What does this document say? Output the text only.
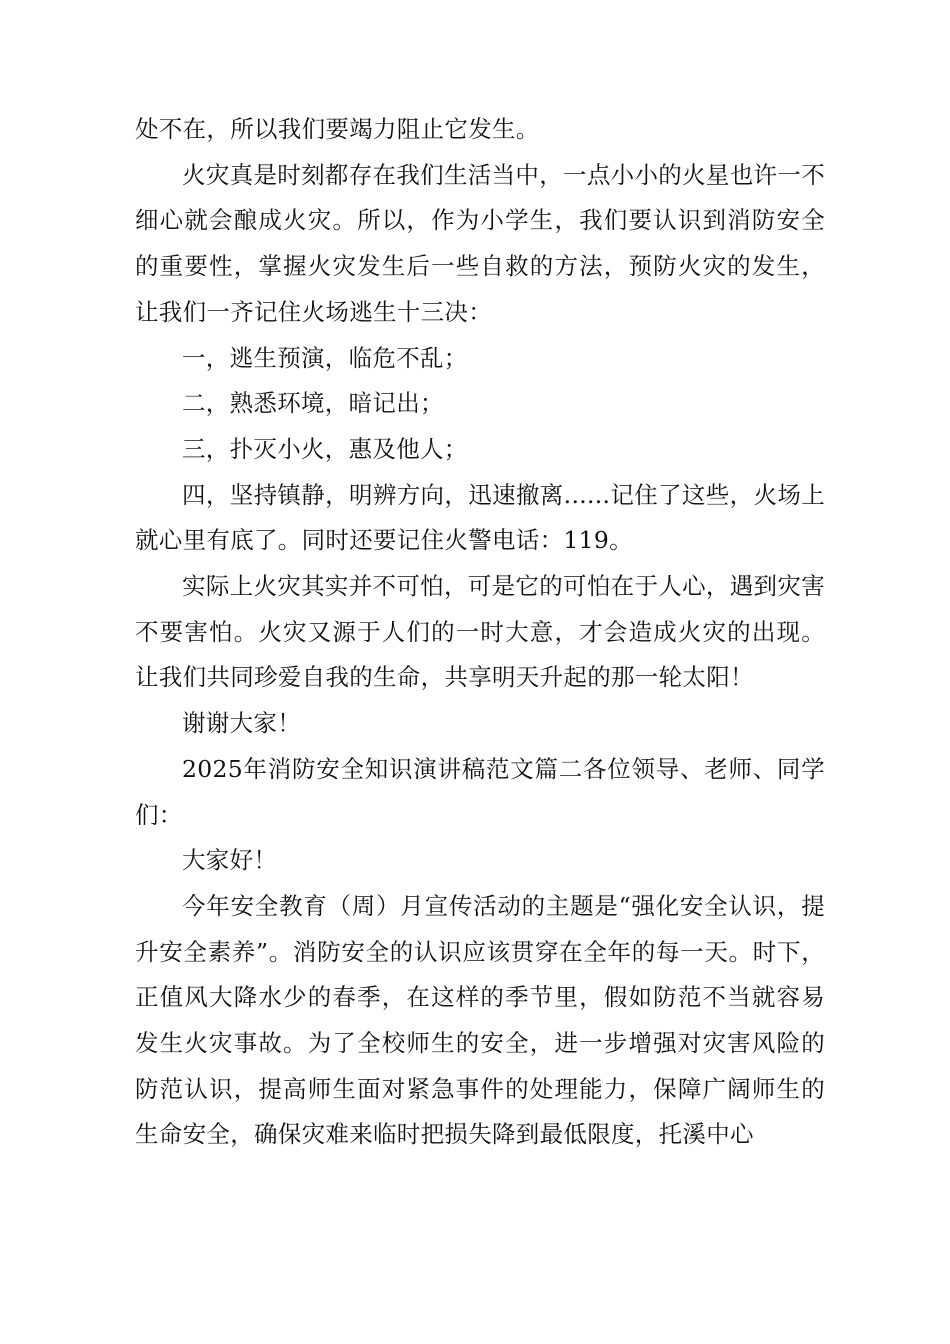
处不在，所以我们要竭力阻止它发生。

火灾真是时刻都存在我们生活当中，一点小小的火星也许一不细心就会酿成火灾。所以，作为小学生，我们要认识到消防安全的重要性，掌握火灾发生后一些自救的方法，预防火灾的发生，让我们一齐记住火场逃生十三决：

一，逃生预演，临危不乱；

二，熟悉环境，暗记出；

三，扑灭小火，惠及他人；

四，坚持镇静，明辨方向，迅速撤离......记住了这些，火场上就心里有底了。同时还要记住火警电话：119。

实际上火灾其实并不可怕，可是它的可怕在于人心，遇到灾害不要害怕。火灾又源于人们的一时大意，才会造成火灾的出现。让我们共同珍爱自我的生命，共享明天升起的那一轮太阳！

谢谢大家！

2025年消防安全知识演讲稿范文篇二各位领导、老师、同学们：

大家好！

今年安全教育（周）月宣传活动的主题是“强化安全认识，提升安全素养”。消防安全的认识应该贯穿在全年的每一天。时下，正值风大降水少的春季，在这样的季节里，假如防范不当就容易发生火灾事故。为了全校师生的安全，进一步增强对灾害风险的防范认识，提高师生面对紧急事件的处理能力，保障广阔师生的生命安全，确保灾难来临时把损失降到最低限度，托溪中心
